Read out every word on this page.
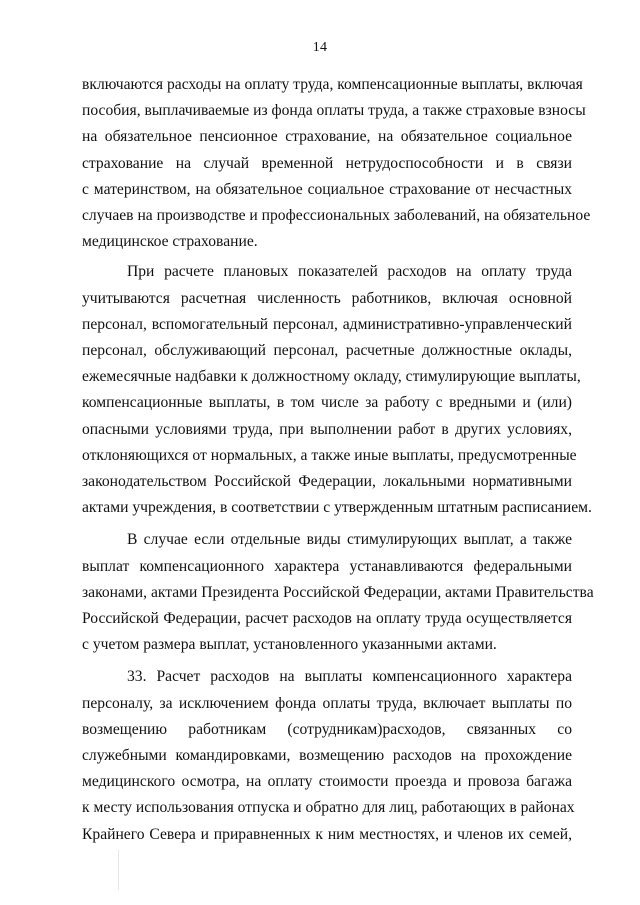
14

включаются расходы на оплату труда, компенсационные выплаты, включая
пособия, выплачиваемые из фонда оплаты труда, а также страховые взносы
на обязательное пенсионное страхование, на обязательное социальное
страхование на случай временной нетрудоспособности и в связи
с материнством, на обязательное социальное страхование от несчастных
случаев на производстве и профессиональных заболеваний, на обязательное
медицинское страхование.

При расчете плановых показателей расходов на оплату труда
учитываются расчетная численность работников, включая основной
персонал, вспомогательный персонал, административно-управленческий
персонал, обслуживающий персонал, расчетные должностные оклады,
ежемесячные надбавки к должностному окладу, стимулирующие выплаты,
компенсационные выплаты, в том числе за работу с вредными и (или)
опасными условиями труда, при выполнении работ в других условиях,
отклоняющихся от нормальных, а также иные выплаты, предусмотренные
законодательством Российской Федерации, локальными нормативными
актами учреждения, в соответствии с утвержденным штатным расписанием.

В случае если отдельные виды стимулирующих выплат, а также
выплат компенсационного характера устанавливаются федеральными
законами, актами Президента Российской Федерации, актами Правительства
Российской Федерации, расчет расходов на оплату труда осуществляется
с учетом размера выплат, установленного указанными актами.

33. Расчет расходов на выплаты компенсационного характера
персоналу, за исключением фонда оплаты труда, включает выплаты по
возмещению работникам (сотрудникам)расходов, связанных со
служебными командировками, возмещению расходов на прохождение
медицинского осмотра, на оплату стоимости проезда и провоза багажа
к месту использования отпуска и обратно для лиц, работающих в районах
Крайнего Севера и приравненных к ним местностях, и членов их семей,
